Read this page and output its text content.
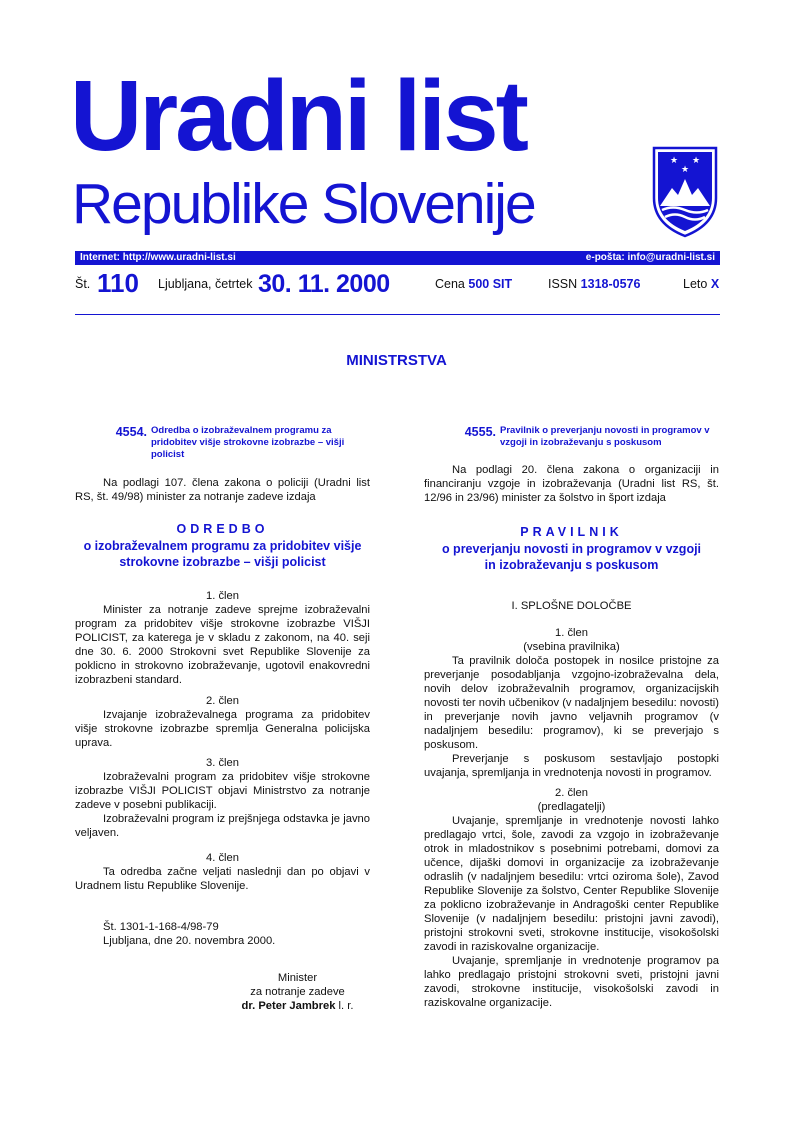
Uradni list
Republike Slovenije
★ ★
★
Internet: http://www.uradni-list.si	e-pošta: info@uradni-list.si
Št. 110 Ljubljana, četrtek 30. 11. 2000	Cena 500 SIT	ISSN 1318-0576	Leto X
MINISTRSTVA
4554. Odredba o izobraževalnem programu za pridobitev višje strokovne izobrazbe – višji policist

Na podlagi 107. člena zakona o policiji (Uradni list RS, št. 49/98) minister za notranje zadeve izdaja

ODREDBO

o izobraževalnem programu za pridobitev višje

strokovne izobrazbe – višji policist

1. člen

Minister za notranje zadeve sprejme izobraževalni program za pridobitev višje strokovne izobrazbe VIŠJI POLICIST, za katerega je v skladu z zakonom, na 40. seji dne 30. 6. 2000 Strokovni svet Republike Slovenije za poklicno in strokovno izobraževanje, ugotovil enakovredni izobrazbeni standard.

2. člen

Izvajanje izobraževalnega programa za pridobitev višje strokovne izobrazbe spremlja Generalna policijska uprava.

3. člen

Izobraževalni program za pridobitev višje strokovne izobrazbe VIŠJI POLICIST objavi Ministrstvo za notranje zadeve v posebni publikaciji.

Izobraževalni program iz prejšnjega odstavka je javno veljaven.

4. člen

Ta odredba začne veljati naslednji dan po objavi v Uradnem listu Republike Slovenije.

Št. 1301-1-168-4/98-79

Ljubljana, dne 20. novembra 2000.

Minister

za notranje zadeve

dr. Peter Jambrek l. r.

4555. Pravilnik o preverjanju novosti in programov v vzgoji in izobraževanju s poskusom

Na podlagi 20. člena zakona o organizaciji in financiranju vzgoje in izobraževanja (Uradni list RS, št. 12/96 in 23/96) minister za šolstvo in šport izdaja

PRAVILNIK

o preverjanju novosti in programov v vzgoji

in izobraževanju s poskusom

I. SPLOŠNE DOLOČBE

1. člen

(vsebina pravilnika)

Ta pravilnik določa postopek in nosilce pristojne za preverjanje posodabljanja vzgojno-izobraževalna dela, novih delov izobraževalnih programov, organizacijskih novosti ter novih učbenikov (v nadaljnjem besedilu: novosti) in preverjanje novih javno veljavnih programov (v nadaljnjem besedilu: programov), ki se preverjajo s poskusom.

Preverjanje s poskusom sestavljajo postopki uvajanja, spremljanja in vrednotenja novosti in programov.

2. člen

(predlagatelji)

Uvajanje, spremljanje in vrednotenje novosti lahko predlagajo vrtci, šole, zavodi za vzgojo in izobraževanje otrok in mladostnikov s posebnimi potrebami, domovi za učence, dijaški domovi in organizacije za izobraževanje odraslih (v nadaljnjem besedilu: vrtci oziroma šole), Zavod Republike Slovenije za šolstvo, Center Republike Slovenije za poklicno izobraževanje in Andragoški center Republike Slovenije (v nadaljnjem besedilu: pristojni javni zavodi), pristojni strokovni sveti, strokovne institucije, visokošolski zavodi in raziskovalne organizacije.

Uvajanje, spremljanje in vrednotenje programov pa lahko predlagajo pristojni strokovni sveti, pristojni javni zavodi, strokovne institucije, visokošolski zavodi in raziskovalne organizacije.
